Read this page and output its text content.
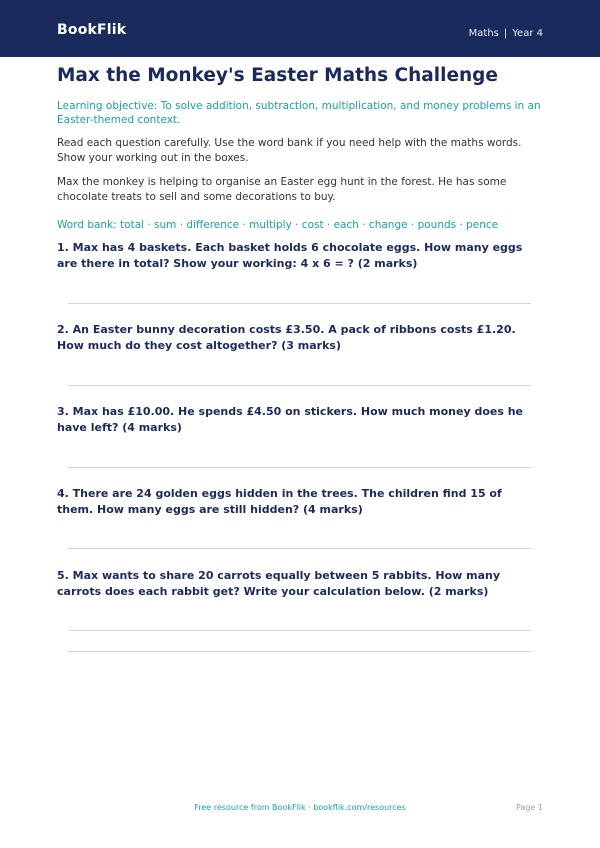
BookFlik	Maths | Year 4
Max the Monkey's Easter Maths Challenge

Learning objective: To solve addition, subtraction, multiplication, and money problems in an Easter-themed context.

Read each question carefully. Use the word bank if you need help with the maths words. Show your working out in the boxes.

Max the monkey is helping to organise an Easter egg hunt in the forest. He has some chocolate treats to sell and some decorations to buy.

Word bank: total · sum · difference · multiply · cost · each · change · pounds · pence

1. Max has 4 baskets. Each basket holds 6 chocolate eggs. How many eggs are there in total? Show your working: 4 x 6 = ? (2 marks)
2. An Easter bunny decoration costs £3.50. A pack of ribbons costs £1.20. How much do they cost altogether? (3 marks)
3. Max has £10.00. He spends £4.50 on stickers. How much money does he have left? (4 marks)
4. There are 24 golden eggs hidden in the trees. The children find 15 of them. How many eggs are still hidden? (4 marks)
5. Max wants to share 20 carrots equally between 5 rabbits. How many carrots does each rabbit get? Write your calculation below. (2 marks)
Free resource from BookFlik · bookflik.com/resources	Page 1
